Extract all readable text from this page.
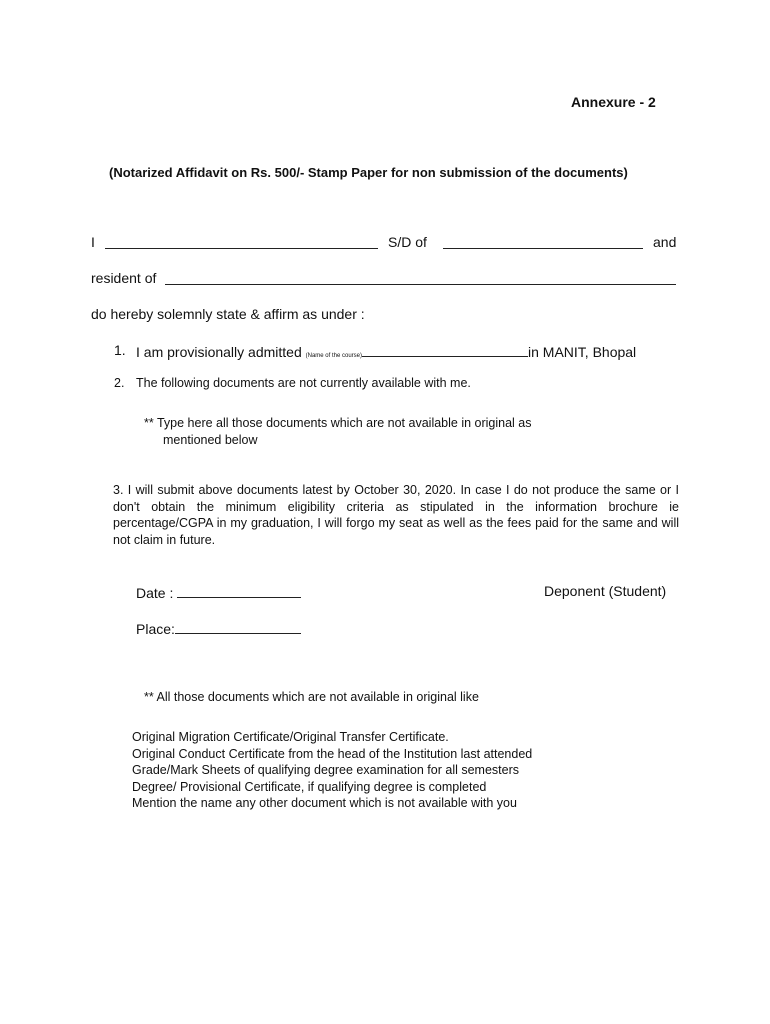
Annexure - 2
(Notarized Affidavit on Rs. 500/- Stamp Paper for non submission of the documents)
I	S/D of	and
resident of
do hereby solemnly state & affirm as under :
1. I am provisionally admitted (Name of the course)	in MANIT, Bhopal
2. The following documents are not currently available with me.
** Type here all those documents which are not available in original as
mentioned below
3. I will submit above documents latest by October 30, 2020. In case I do not produce the same or I don't obtain the minimum eligibility criteria as stipulated in the information brochure ie percentage/CGPA in my graduation, I will forgo my seat as well as the fees paid for the same and will not claim in future.
Date :	Deponent (Student)
Place:
** All those documents which are not available in original like
Original Migration Certificate/Original Transfer Certificate.
Original Conduct Certificate from the head of the Institution last attended
Grade/Mark Sheets of qualifying degree examination for all semesters
Degree/ Provisional Certificate, if qualifying degree is completed
Mention the name any other document which is not available with you
